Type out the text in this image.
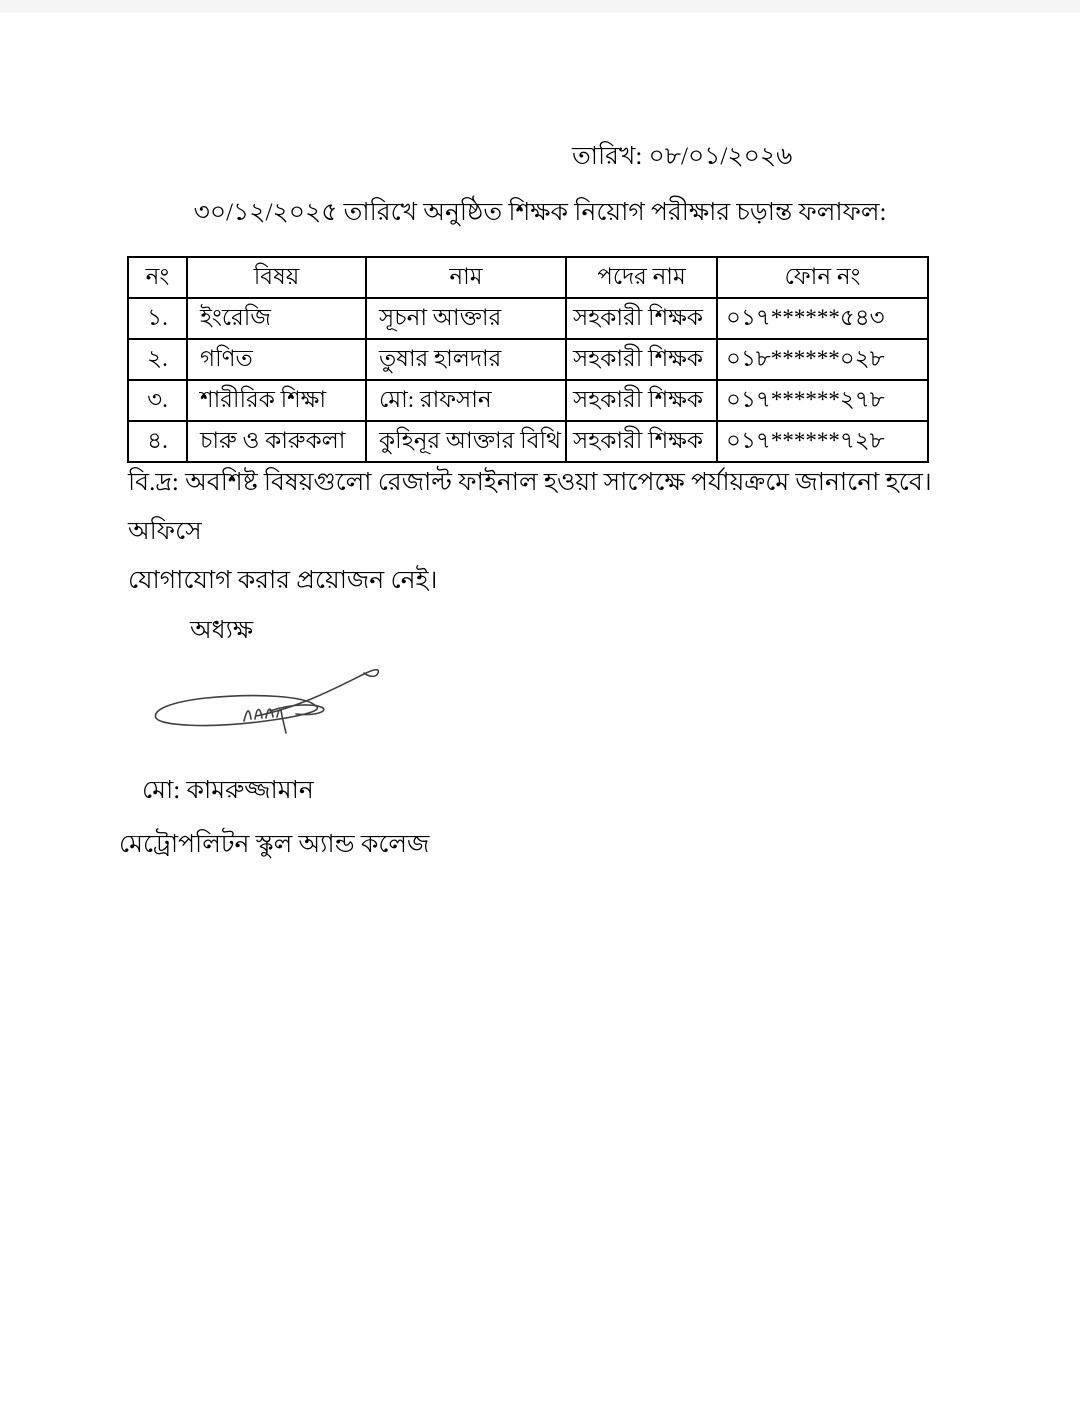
তারিখ: ০৮/০১/২০২৬
৩০/১২/২০২৫ তারিখে অনুষ্ঠিত শিক্ষক নিয়োগ পরীক্ষার চড়ান্ত ফলাফল:
নং	বিষয়	নাম	পদের নাম	ফোন নং
১.	ইংরেজি	সূচনা আক্তার	সহকারী শিক্ষক	০১৭******৫৪৩
২.	গণিত	তুষার হালদার	সহকারী শিক্ষক	০১৮******০২৮
৩.	শারীরিক শিক্ষা	মো: রাফসান	সহকারী শিক্ষক	০১৭******২৭৮
৪.	চারু ও কারুকলা	কুহিনূর আক্তার বিথি	সহকারী শিক্ষক	০১৭******৭২৮
বি.দ্র: অবশিষ্ট বিষয়গুলো রেজাল্ট ফাইনাল হওয়া সাপেক্ষে পর্যায়ক্রমে জানানো হবে। অফিসে
যোগাযোগ করার প্রয়োজন নেই।
অধ্যক্ষ
মো: কামরুজ্জামান
মেট্রোপলিটন স্কুল অ্যান্ড কলেজ
